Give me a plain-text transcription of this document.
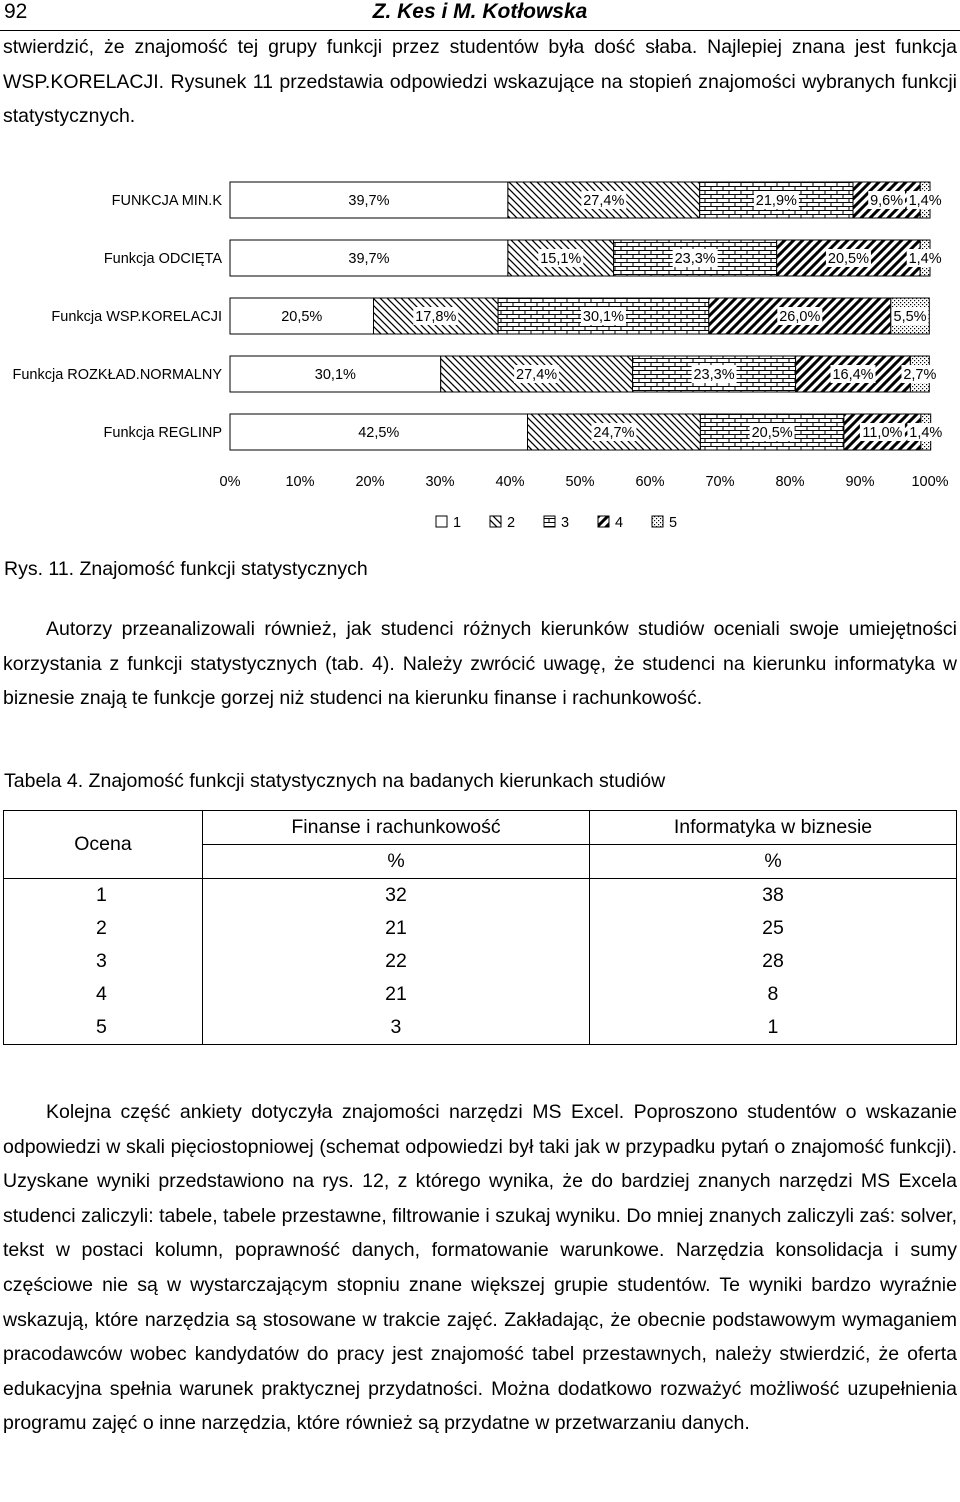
92	Z. Kes i M. Kotłowska

stwierdzić, że znajomość tej grupy funkcji przez studentów była dość słaba. Najlepiej znana jest funkcja WSP.KORELACJI. Rysunek 11 przedstawia odpowiedzi wskazujące na stopień znajomości wybranych funkcji statystycznych.

39,7%	27,4%	21,9%	9,6% 1,4%
39,7%	15,1%	23,3%	20,5%	1,4%
20,5%	17,8%	30,1%	26,0%	5,5%
30,1%	27,4%	23,3%	16,4% 2,7%
42,5%	24,7%	20,5%	11,0% 1,4%
FUNKCJA MIN.K
Funkcja ODCIĘTA
Funkcja WSP.KORELACJI
Funkcja ROZKŁAD.NORMALNY
Funkcja REGLINP
0%	10%	20%	30%	40%	50%	60%	70%	80%	90%	100%
1	2	3	4	5
Rys. 11. Znajomość funkcji statystycznych

Autorzy przeanalizowali również, jak studenci różnych kierunków studiów oceniali swoje umiejętności korzystania z funkcji statystycznych (tab. 4). Należy zwrócić uwagę, że studenci na kierunku informatyka w biznesie znają te funkcje gorzej niż studenci na kierunku finanse i rachunkowość.

Tabela 4. Znajomość funkcji statystycznych na badanych kierunkach studiów
Ocena	Finanse i rachunkowość	Informatyka w biznesie
	%	%
1	32	38
2	21	25
3	22	28
4	21	8
5	3	1

Kolejna część ankiety dotyczyła znajomości narzędzi MS Excel. Poproszono studentów o wskazanie odpowiedzi w skali pięciostopniowej (schemat odpowiedzi był taki jak w przypadku pytań o znajomość funkcji). Uzyskane wyniki przedstawiono na rys. 12, z którego wynika, że do bardziej znanych narzędzi MS Excela studenci zaliczyli: tabele, tabele przestawne, filtrowanie i szukaj wyniku. Do mniej znanych zaliczyli zaś: solver, tekst w postaci kolumn, poprawność danych, formatowanie warunkowe. Narzędzia konsolidacja i sumy częściowe nie są w wystarczającym stopniu znane większej grupie studentów. Te wyniki bardzo wyraźnie wskazują, które narzędzia są stosowane w trakcie zajęć. Zakładając, że obecnie podstawowym wymaganiem pracodawców wobec kandydatów do pracy jest znajomość tabel przestawnych, należy stwierdzić, że oferta edukacyjna spełnia warunek praktycznej przydatności. Można dodatkowo rozważyć możliwość uzupełnienia programu zajęć o inne narzędzia, które również są przydatne w przetwarzaniu danych.
